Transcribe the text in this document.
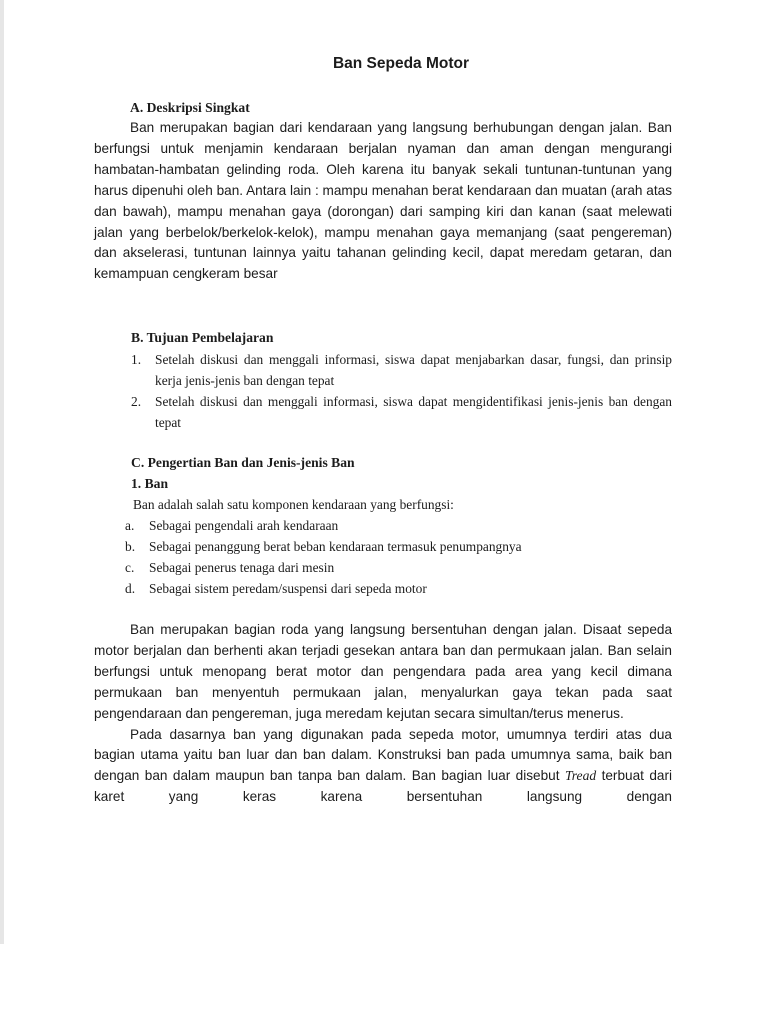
Ban Sepeda Motor
A. Deskripsi Singkat

Ban merupakan bagian dari kendaraan yang langsung berhubungan dengan jalan. Ban berfungsi untuk menjamin kendaraan berjalan nyaman dan aman dengan mengurangi hambatan-hambatan gelinding roda. Oleh karena itu banyak sekali tuntunan-tuntunan yang harus dipenuhi oleh ban. Antara lain : mampu menahan berat kendaraan dan muatan (arah atas dan bawah), mampu menahan gaya (dorongan) dari samping kiri dan kanan (saat melewati jalan yang berbelok/berkelok-kelok), mampu menahan gaya memanjang (saat pengereman) dan akselerasi, tuntunan lainnya yaitu tahanan gelinding kecil, dapat meredam getaran, dan kemampuan cengkeram besar

B. Tujuan Pembelajaran
1. Setelah diskusi dan menggali informasi, siswa dapat menjabarkan dasar, fungsi, dan prinsip kerja jenis-jenis ban dengan tepat
2. Setelah diskusi dan menggali informasi, siswa dapat mengidentifikasi jenis-jenis ban dengan tepat
C. Pengertian Ban dan Jenis-jenis Ban
1. Ban
Ban adalah salah satu komponen kendaraan yang berfungsi:
a. Sebagai pengendali arah kendaraan
b. Sebagai penanggung berat beban kendaraan termasuk penumpangnya
c. Sebagai penerus tenaga dari mesin
d. Sebagai sistem peredam/suspensi dari sepeda motor

Ban merupakan bagian roda yang langsung bersentuhan dengan jalan. Disaat sepeda motor berjalan dan berhenti akan terjadi gesekan antara ban dan permukaan jalan. Ban selain berfungsi untuk menopang berat motor dan pengendara pada area yang kecil dimana permukaan ban menyentuh permukaan jalan, menyalurkan gaya tekan pada saat pengendaraan dan pengereman, juga meredam kejutan secara simultan/terus menerus.

Pada dasarnya ban yang digunakan pada sepeda motor, umumnya terdiri atas dua bagian utama yaitu ban luar dan ban dalam. Konstruksi ban pada umumnya sama, baik ban dengan ban dalam maupun ban tanpa ban dalam. Ban bagian luar disebut Tread terbuat dari karet yang keras karena bersentuhan langsung dengan
